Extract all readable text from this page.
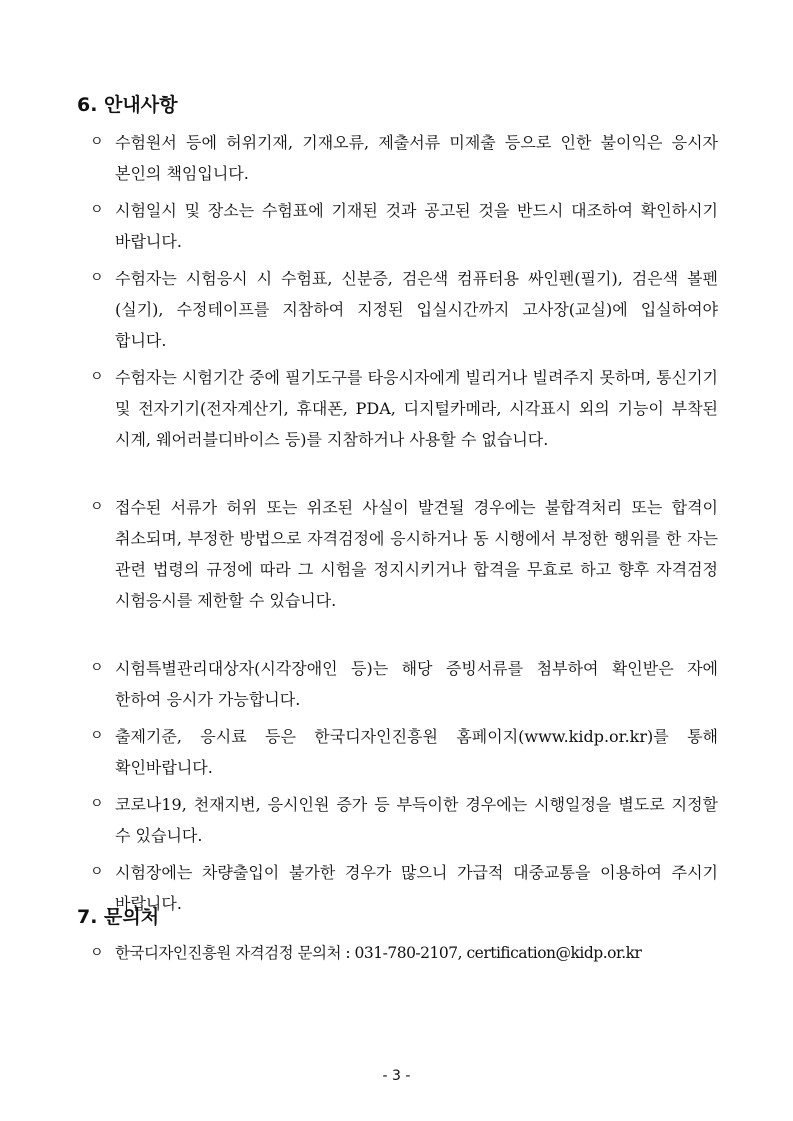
6. 안내사항
ㅇ 수험원서 등에 허위기재, 기재오류, 제출서류 미제출 등으로 인한 불이익은 응시자 본인의 책임입니다.
ㅇ 시험일시 및 장소는 수험표에 기재된 것과 공고된 것을 반드시 대조하여 확인하시기 바랍니다.
ㅇ 수험자는 시험응시 시 수험표, 신분증, 검은색 컴퓨터용 싸인펜(필기), 검은색 볼펜(실기), 수정테이프를 지참하여 지정된 입실시간까지 고사장(교실)에 입실하여야 합니다.
ㅇ 수험자는 시험기간 중에 필기도구를 타응시자에게 빌리거나 빌려주지 못하며, 통신기기 및 전자기기(전자계산기, 휴대폰, PDA, 디지털카메라, 시각표시 외의 기능이 부착된 시계, 웨어러블디바이스 등)를 지참하거나 사용할 수 없습니다.
ㅇ 접수된 서류가 허위 또는 위조된 사실이 발견될 경우에는 불합격처리 또는 합격이 취소되며, 부정한 방법으로 자격검정에 응시하거나 동 시행에서 부정한 행위를 한 자는 관련 법령의 규정에 따라 그 시험을 정지시키거나 합격을 무효로 하고 향후 자격검정 시험응시를 제한할 수 있습니다.
ㅇ 시험특별관리대상자(시각장애인 등)는 해당 증빙서류를 첨부하여 확인받은 자에 한하여 응시가 가능합니다.
ㅇ 출제기준, 응시료 등은 한국디자인진흥원 홈페이지(www.kidp.or.kr)를 통해 확인바랍니다.
ㅇ 코로나19, 천재지변, 응시인원 증가 등 부득이한 경우에는 시행일정을 별도로 지정할 수 있습니다.
ㅇ 시험장에는 차량출입이 불가한 경우가 많으니 가급적 대중교통을 이용하여 주시기 바랍니다.
7. 문의처
ㅇ 한국디자인진흥원 자격검정 문의처 : 031-780-2107, certification@kidp.or.kr
- 3 -
